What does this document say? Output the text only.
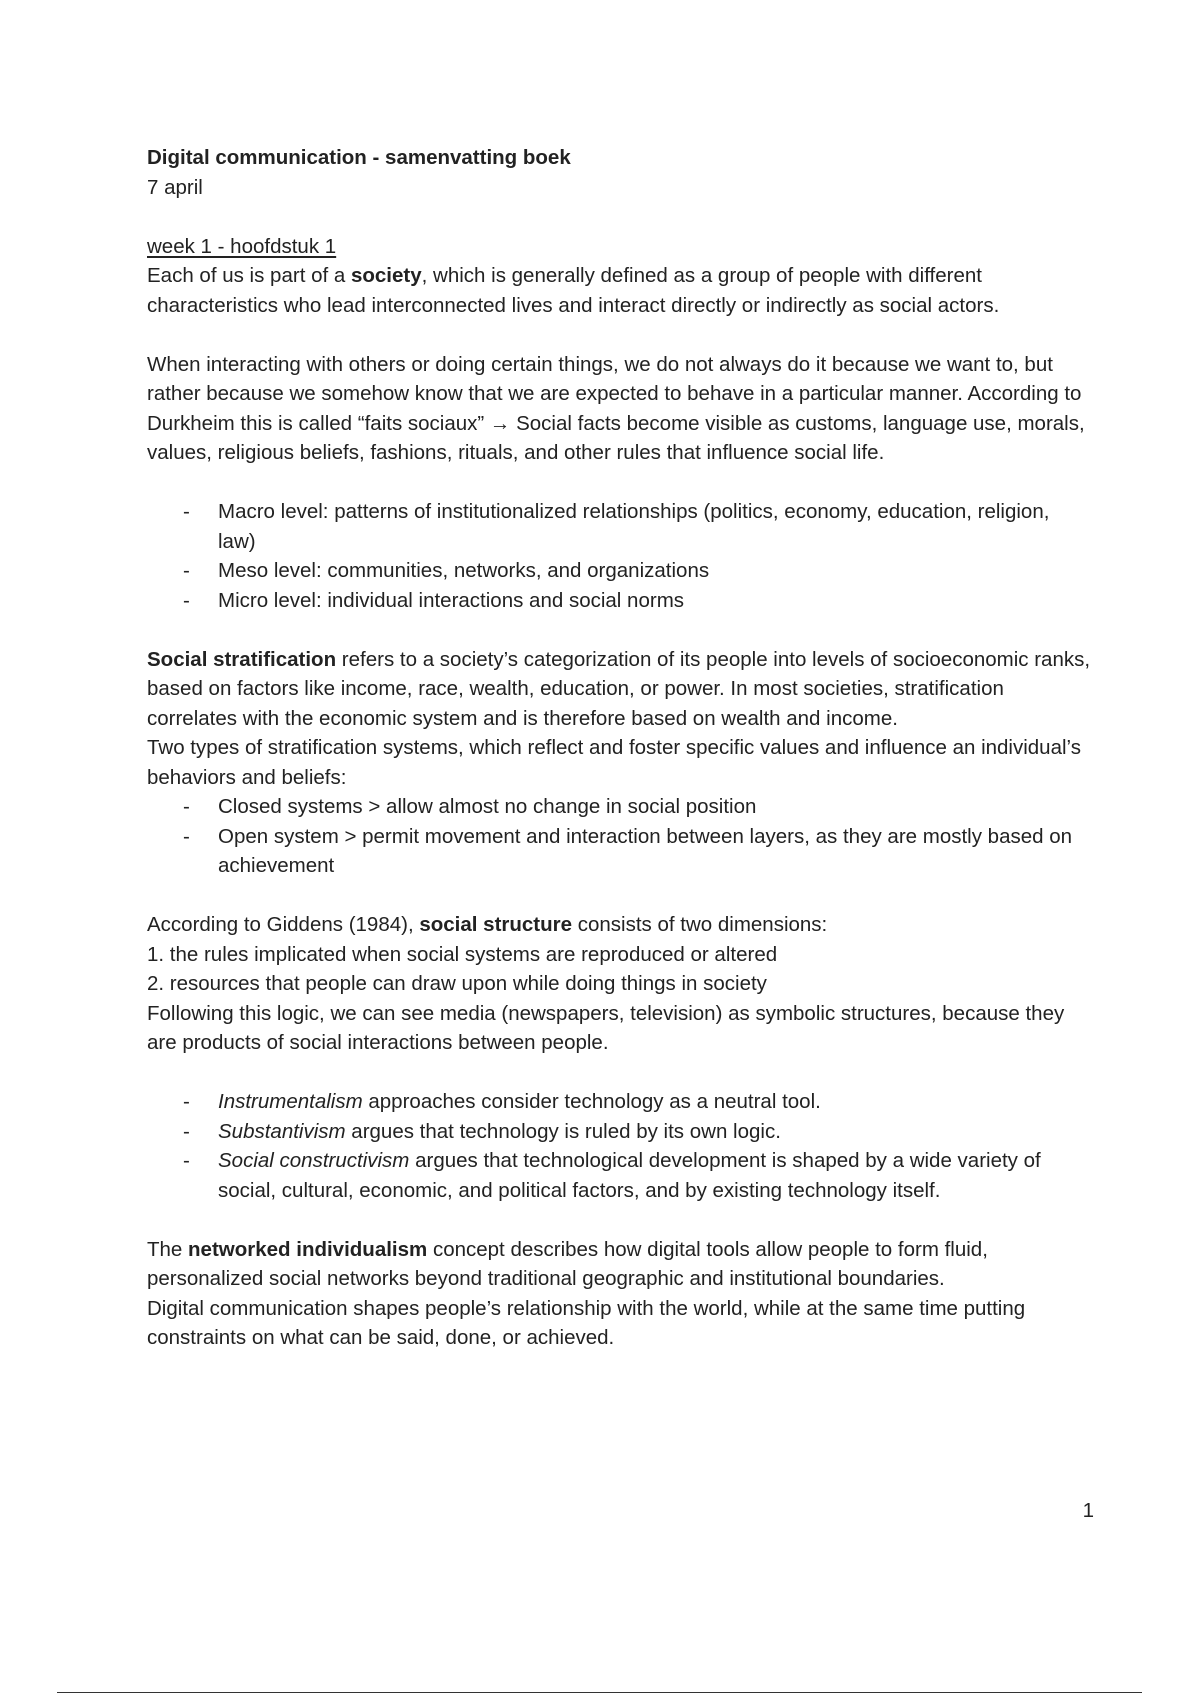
Digital communication - samenvatting boek

7 april

week 1 - hoofdstuk 1

Each of us is part of a society, which is generally defined as a group of people with different characteristics who lead interconnected lives and interact directly or indirectly as social actors.

When interacting with others or doing certain things, we do not always do it because we want to, but rather because we somehow know that we are expected to behave in a particular manner. According to Durkheim this is called “faits sociaux” → Social facts become visible as customs, language use, morals, values, religious beliefs, fashions, rituals, and other rules that influence social life.

- Macro level: patterns of institutionalized relationships (politics, economy, education, religion, law)
- Meso level: communities, networks, and organizations
- Micro level: individual interactions and social norms

Social stratification refers to a society’s categorization of its people into levels of socioeconomic ranks, based on factors like income, race, wealth, education, or power. In most societies, stratification correlates with the economic system and is therefore based on wealth and income.

Two types of stratification systems, which reflect and foster specific values and influence an individual’s behaviors and beliefs:

- Closed systems > allow almost no change in social position
- Open system > permit movement and interaction between layers, as they are mostly based on achievement

According to Giddens (1984), social structure consists of two dimensions:

1. the rules implicated when social systems are reproduced or altered

2. resources that people can draw upon while doing things in society

Following this logic, we can see media (newspapers, television) as symbolic structures, because they are products of social interactions between people.

- Instrumentalism approaches consider technology as a neutral tool.
- Substantivism argues that technology is ruled by its own logic.
- Social constructivism argues that technological development is shaped by a wide variety of social, cultural, economic, and political factors, and by existing technology itself.

The networked individualism concept describes how digital tools allow people to form fluid, personalized social networks beyond traditional geographic and institutional boundaries.

Digital communication shapes people’s relationship with the world, while at the same time putting constraints on what can be said, done, or achieved.

1
